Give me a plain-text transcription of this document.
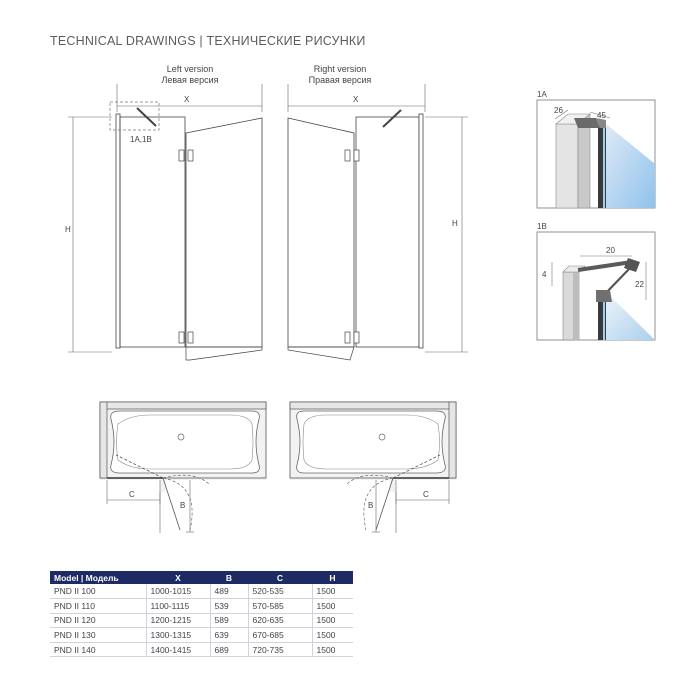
TECHNICAL DRAWINGS | ТЕХНИЧЕСКИЕ РИСУНКИ
Left version
Левая версия
Right version
Правая версия
X
H
1A,1B
X
H
C
B
C
B
1A
26
45
1B
20
4
22
Model | Модель	X	B	C	H
PND II 100	1000-1015	489	520-535	1500
PND II 110	1100-1115	539	570-585	1500
PND II 120	1200-1215	589	620-635	1500
PND II 130	1300-1315	639	670-685	1500
PND II 140	1400-1415	689	720-735	1500
